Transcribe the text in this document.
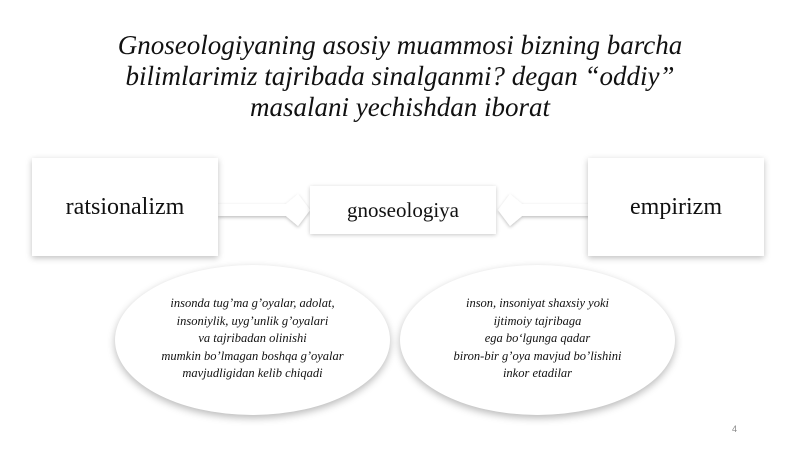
Gnoseologiyaning asosiy muammosi bizning barcha
bilimlarimiz tajribada sinalganmi? degan “oddiy”
masalani yechishdan iborat
ratsionalizm	empirizm
gnoseologiya
insonda tug’ma g’oyalar, adolat,
insoniylik, uyg’unlik g’oyalari
va tajribadan olinishi
mumkin bo’lmagan boshqa g’oyalar
mavjudligidan kelib chiqadi
inson, insoniyat shaxsiy yoki
ijtimoiy tajribaga
ega bo‘lgunga qadar
biron-bir g’oya mavjud bo’lishini
inkor etadilar
4
